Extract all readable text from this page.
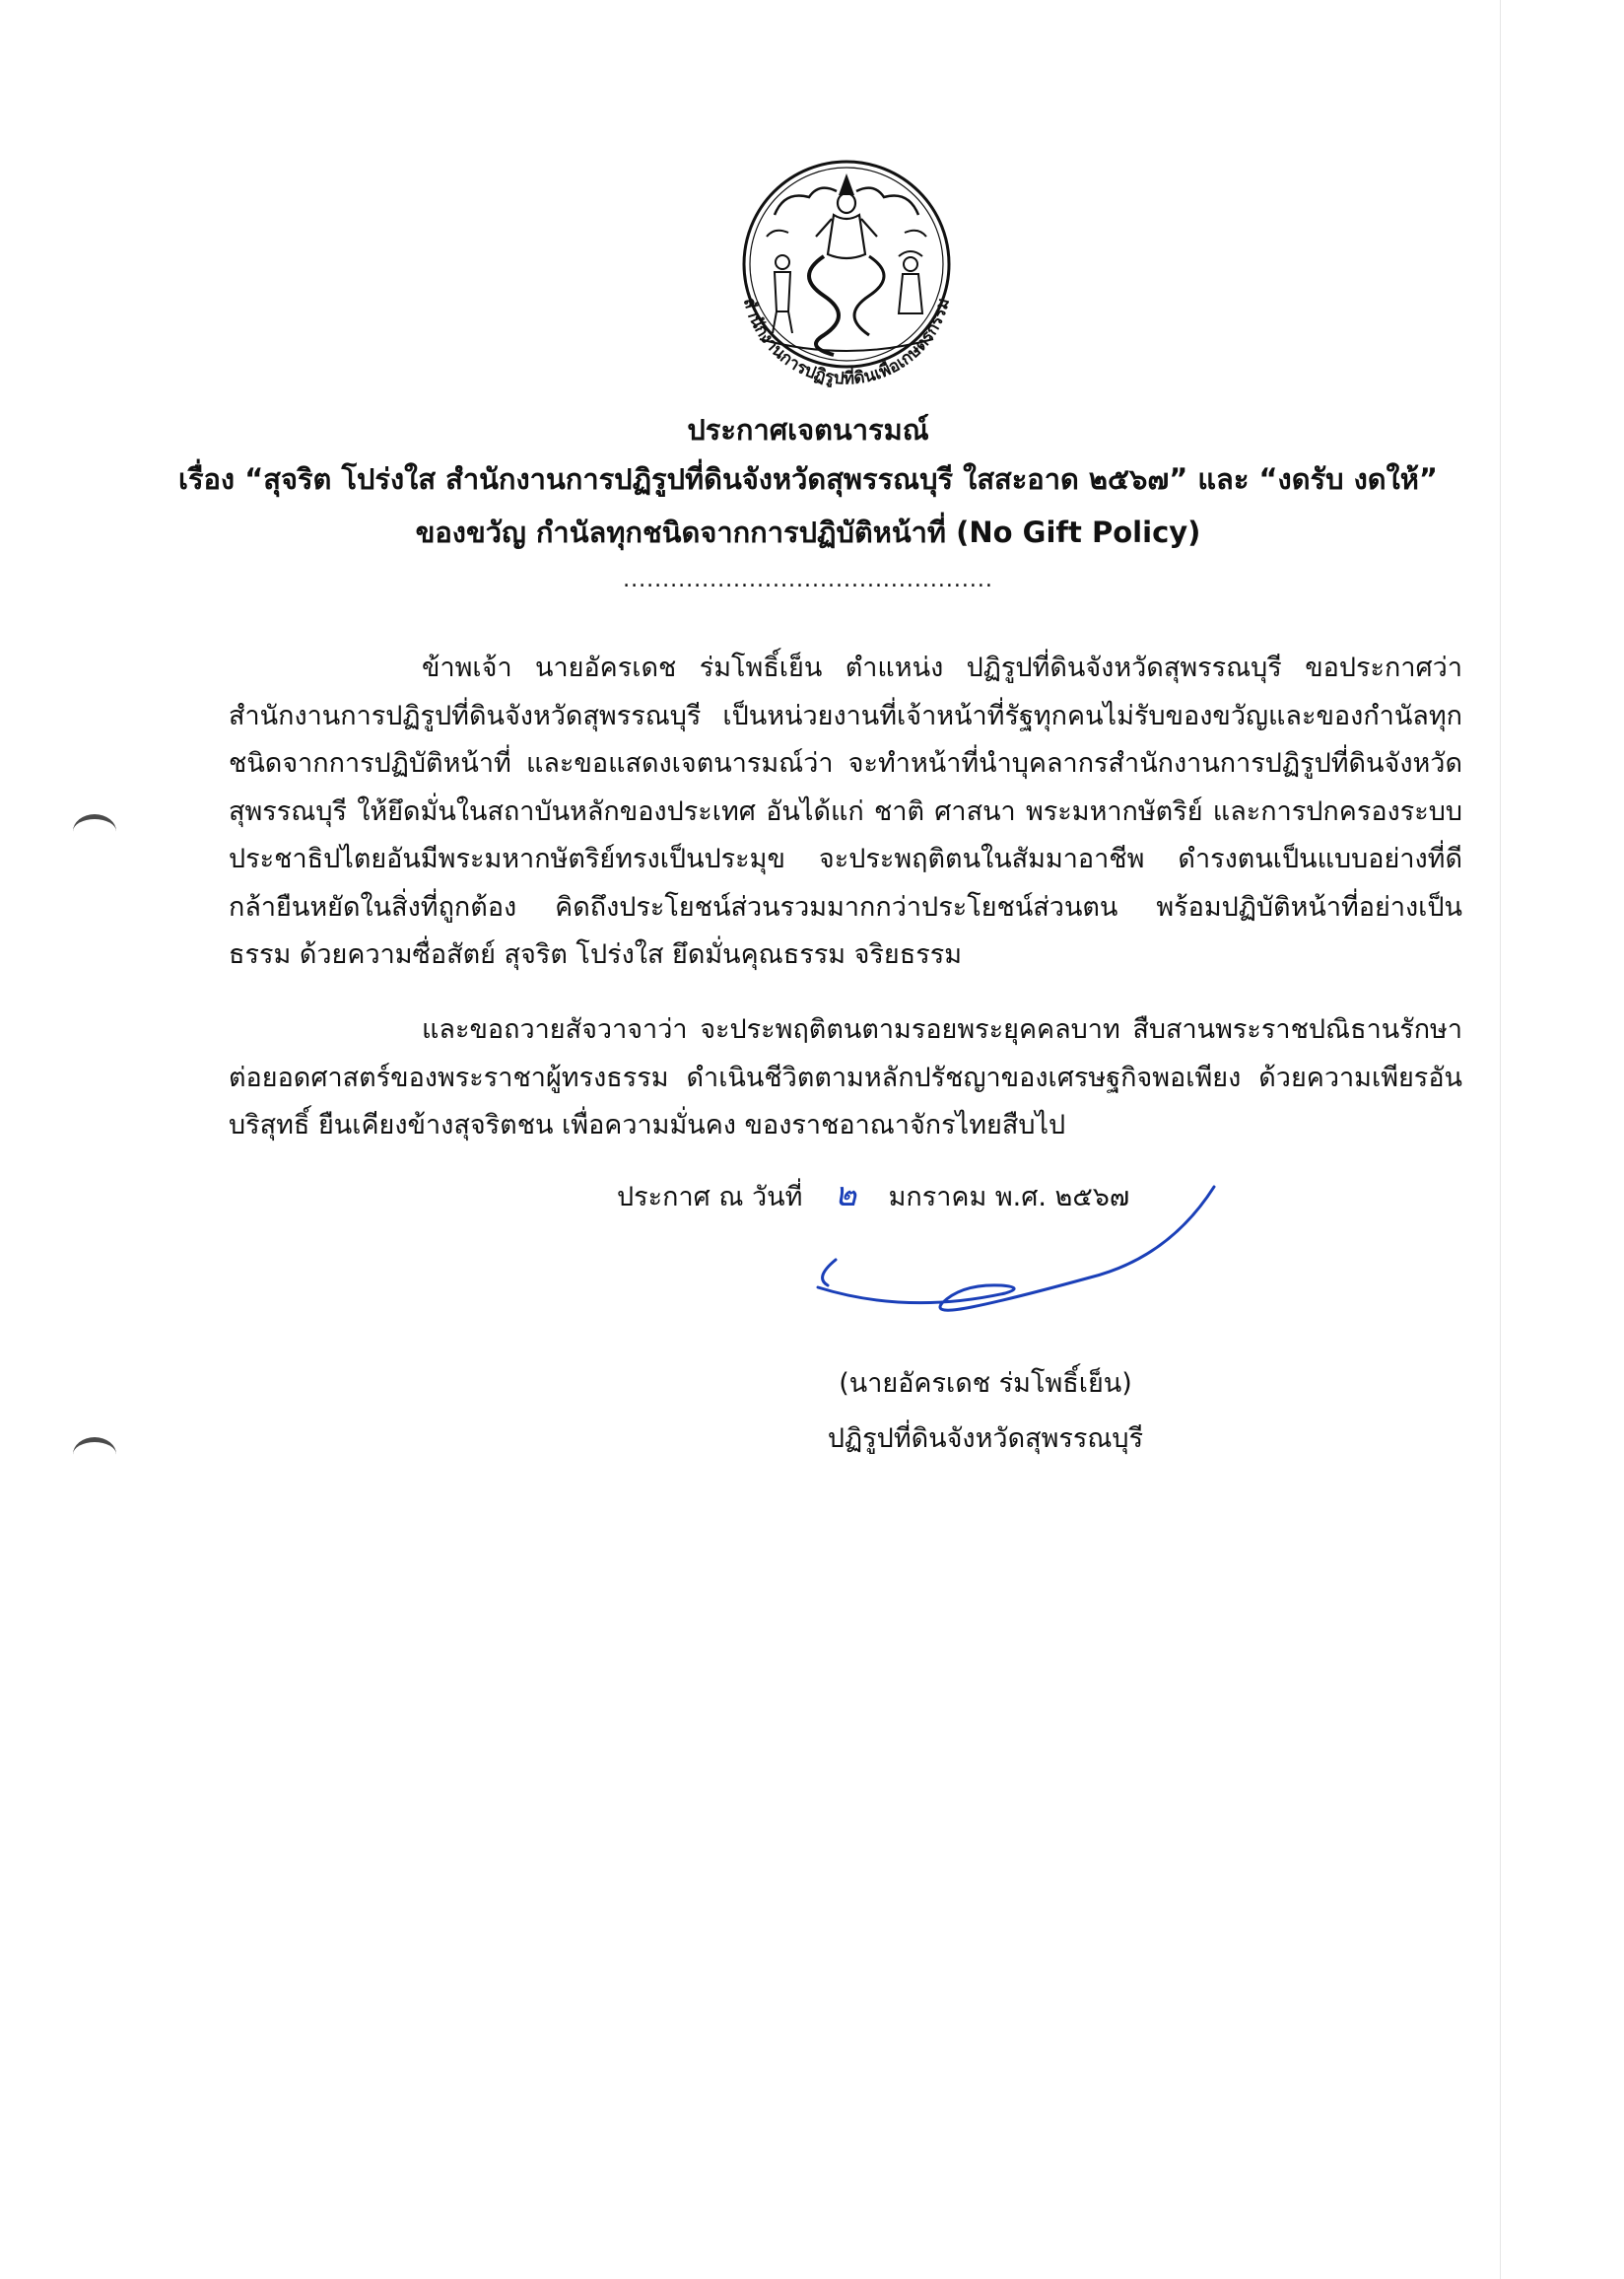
สำนักงานการปฏิรูปที่ดินเพื่อเกษตรกรรม

ประกาศเจตนารมณ์

เรื่อง “สุจริต โปร่งใส สำนักงานการปฏิรูปที่ดินจังหวัดสุพรรณบุรี ใสสะอาด ๒๕๖๗” และ “งดรับ งดให้”

ของขวัญ กำนัลทุกชนิดจากการปฏิบัติหน้าที่ (No Gift Policy)

...............................................

ข้าพเจ้า นายอัครเดช ร่มโพธิ์เย็น ตำแหน่ง ปฏิรูปที่ดินจังหวัดสุพรรณบุรี ขอประกาศว่า สำนักงานการปฏิรูปที่ดินจังหวัดสุพรรณบุรี เป็นหน่วยงานที่เจ้าหน้าที่รัฐทุกคนไม่รับของขวัญและของกำนัลทุกชนิดจากการปฏิบัติหน้าที่ และขอแสดงเจตนารมณ์ว่า จะทำหน้าที่นำบุคลากรสำนักงานการปฏิรูปที่ดินจังหวัดสุพรรณบุรี ให้ยึดมั่นในสถาบันหลักของประเทศ อันได้แก่ ชาติ ศาสนา พระมหากษัตริย์ และการปกครองระบบประชาธิปไตยอันมีพระมหากษัตริย์ทรงเป็นประมุข จะประพฤติตนในสัมมาอาชีพ ดำรงตนเป็นแบบอย่างที่ดี กล้ายืนหยัดในสิ่งที่ถูกต้อง คิดถึงประโยชน์ส่วนรวมมากกว่าประโยชน์ส่วนตน พร้อมปฏิบัติหน้าที่อย่างเป็นธรรม ด้วยความซื่อสัตย์ สุจริต โปร่งใส ยึดมั่นคุณธรรม จริยธรรม

และขอถวายสัจวาจาว่า จะประพฤติตนตามรอยพระยุคคลบาท สืบสานพระราชปณิธานรักษาต่อยอดศาสตร์ของพระราชาผู้ทรงธรรม ดำเนินชีวิตตามหลักปรัชญาของเศรษฐกิจพอเพียง ด้วยความเพียรอันบริสุทธิ์ ยืนเคียงข้างสุจริตชน เพื่อความมั่นคง ของราชอาณาจักรไทยสืบไป

ประกาศ ณ วันที่ ๒ มกราคม พ.ศ. ๒๕๖๗

(นายอัครเดช ร่มโพธิ์เย็น)

ปฏิรูปที่ดินจังหวัดสุพรรณบุรี
